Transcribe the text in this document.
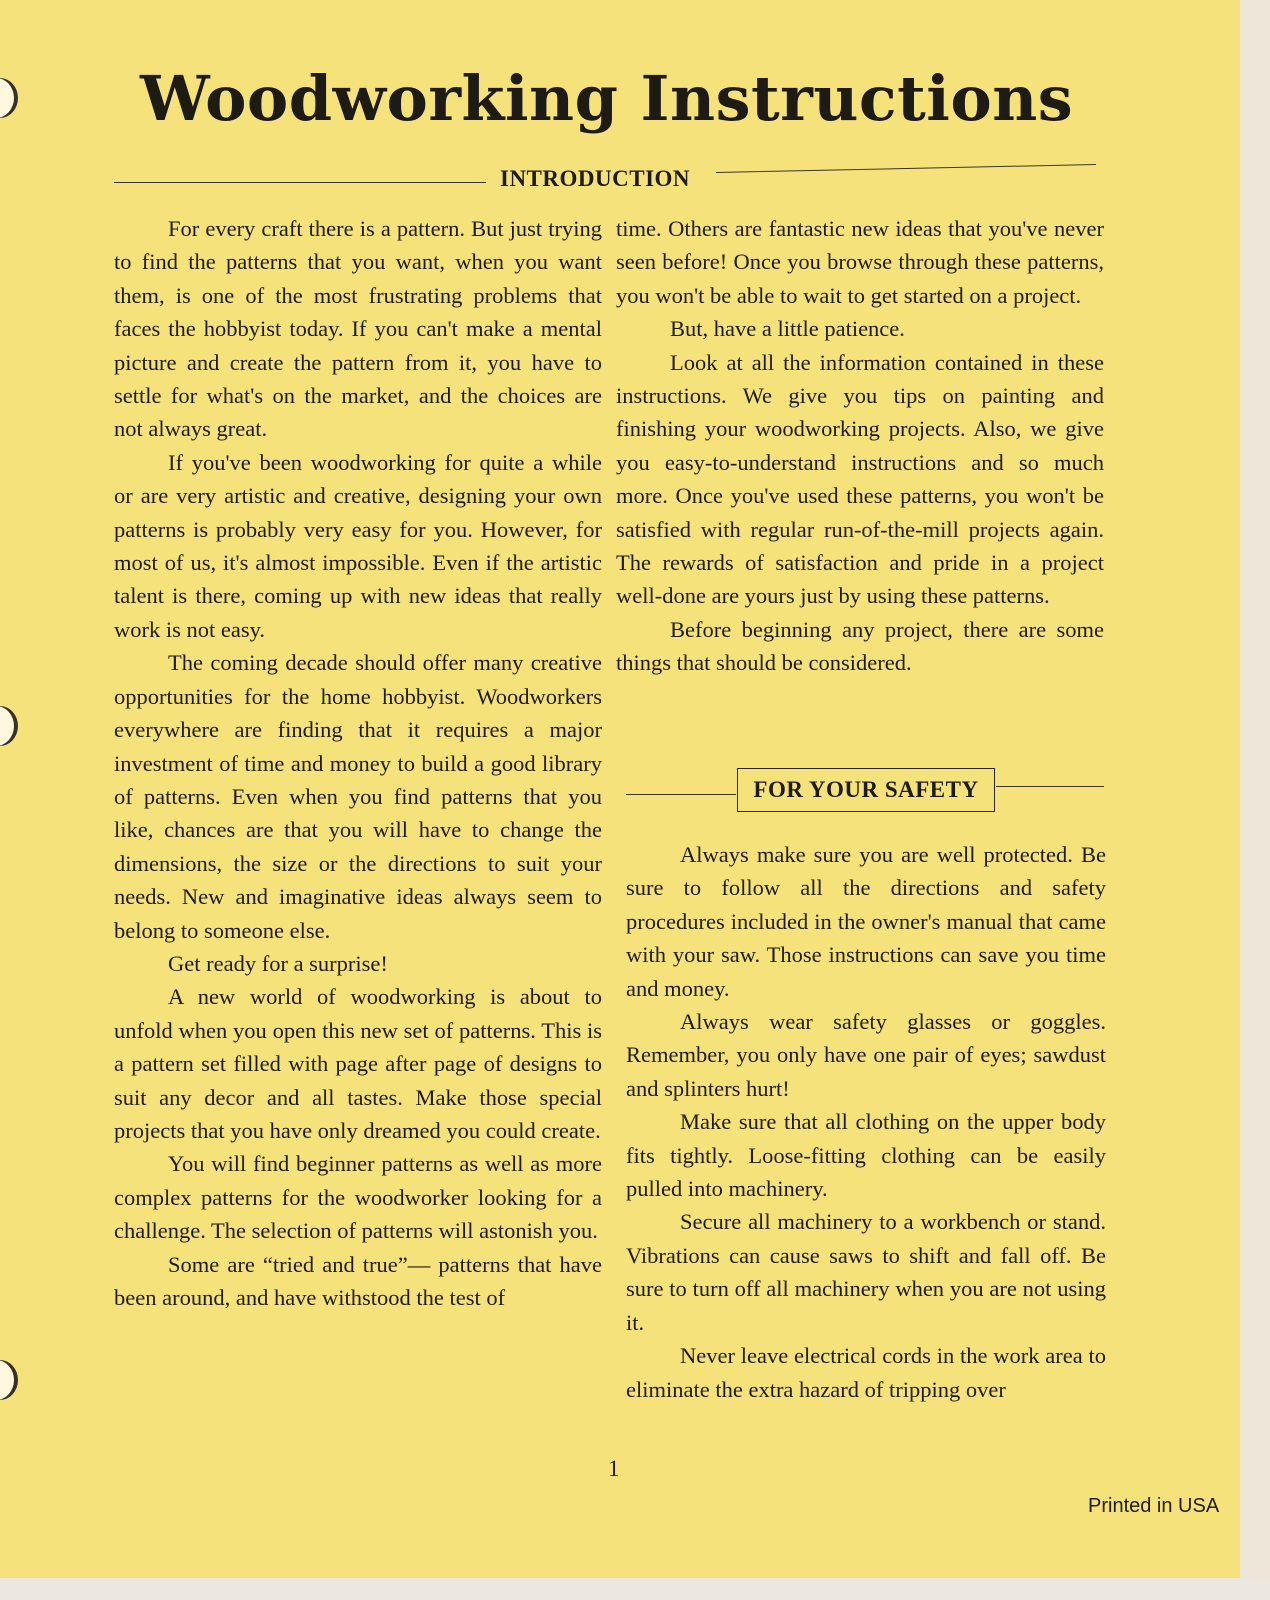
Woodworking Instructions
INTRODUCTION

For every craft there is a pattern. But just trying to find the patterns that you want, when you want them, is one of the most frustrating problems that faces the hobbyist today. If you can't make a mental picture and create the pattern from it, you have to settle for what's on the market, and the choices are not always great.

If you've been woodworking for quite a while or are very artistic and creative, designing your own patterns is probably very easy for you. However, for most of us, it's almost impossible. Even if the artistic talent is there, coming up with new ideas that really work is not easy.

The coming decade should offer many creative opportunities for the home hobbyist. Woodworkers everywhere are finding that it requires a major investment of time and money to build a good library of patterns. Even when you find patterns that you like, chances are that you will have to change the dimensions, the size or the directions to suit your needs. New and imaginative ideas always seem to belong to someone else.

Get ready for a surprise!

A new world of woodworking is about to unfold when you open this new set of patterns. This is a pattern set filled with page after page of designs to suit any decor and all tastes. Make those special projects that you have only dreamed you could create.

You will find beginner patterns as well as more complex patterns for the woodworker looking for a challenge. The selection of patterns will astonish you.

Some are “tried and true”— patterns that have been around, and have withstood the test of

time. Others are fantastic new ideas that you've never seen before! Once you browse through these patterns, you won't be able to wait to get started on a project.

But, have a little patience.

Look at all the information contained in these instructions. We give you tips on painting and finishing your woodworking projects. Also, we give you easy-to-understand instructions and so much more. Once you've used these patterns, you won't be satisfied with regular run-of-the-mill projects again. The rewards of satisfaction and pride in a project well-done are yours just by using these patterns.

Before beginning any project, there are some things that should be considered.

FOR YOUR SAFETY

Always make sure you are well protected. Be sure to follow all the directions and safety procedures included in the owner's manual that came with your saw. Those instructions can save you time and money.

Always wear safety glasses or goggles. Remember, you only have one pair of eyes; sawdust and splinters hurt!

Make sure that all clothing on the upper body fits tightly. Loose-fitting clothing can be easily pulled into machinery.

Secure all machinery to a workbench or stand. Vibrations can cause saws to shift and fall off. Be sure to turn off all machinery when you are not using it.

Never leave electrical cords in the work area to eliminate the extra hazard of tripping over

1
Printed in USA
